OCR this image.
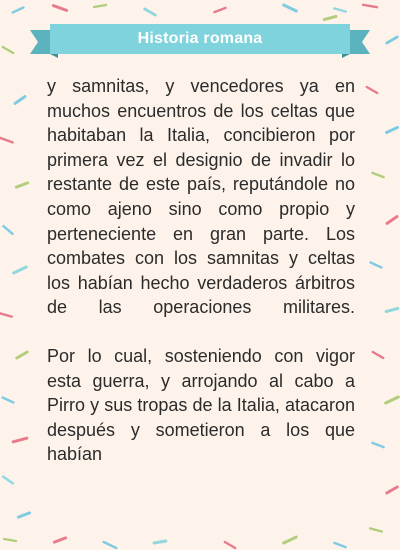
Historia romana

y samnitas, y vencedores ya en muchos encuentros de los celtas que habitaban la Italia, concibieron por primera vez el designio de invadir lo restante de este país, reputándole no como ajeno sino como propio y perteneciente en gran parte. Los combates con los samnitas y celtas los habían hecho verdaderos árbitros de las operaciones militares.

Por lo cual, sosteniendo con vigor esta guerra, y arrojando al cabo a Pirro y sus tropas de la Italia, atacaron después y sometieron a los que habían
